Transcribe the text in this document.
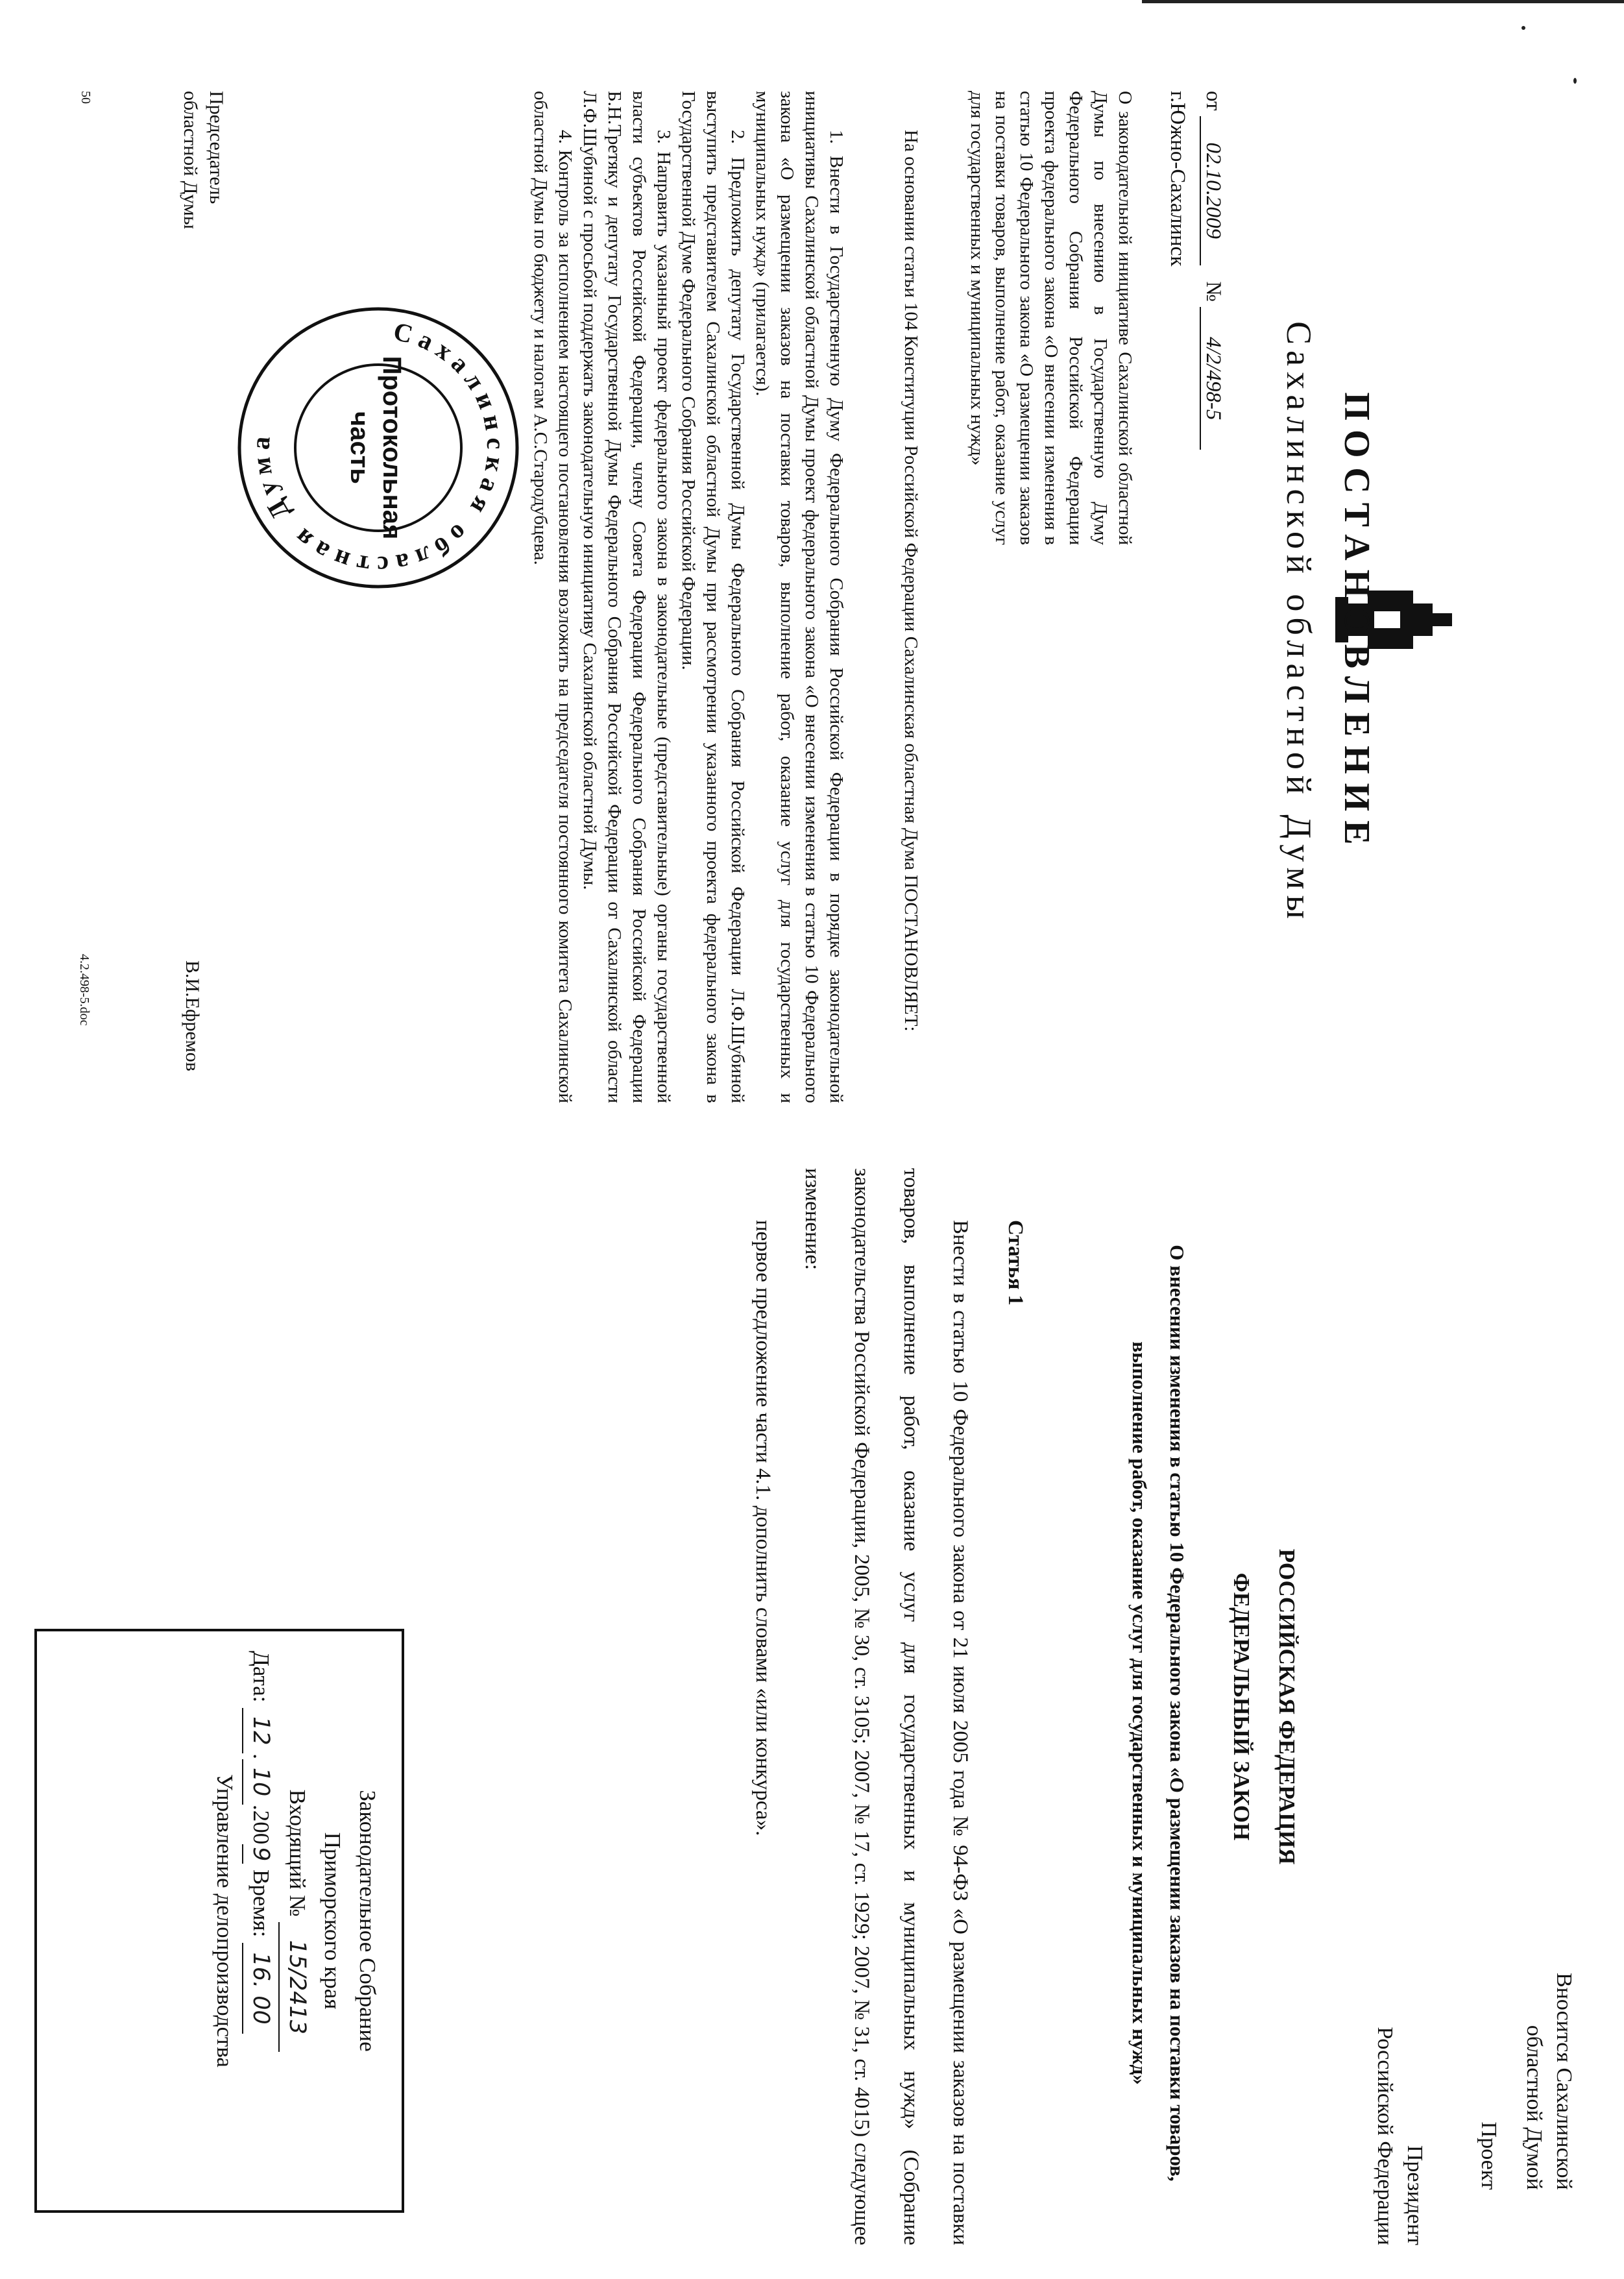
ПОСТАНОВЛЕНИЕ
Сахалинской областной Думы
от 02.10.2009   № 4/2/498-5
г.Южно-Сахалинск
О законодательной инициативе Сахалинской областной Думы по внесению в Государственную Думу Федерального Собрания Российской Федерации проекта федерального закона «О внесении изменения в статью 10 Федерального закона «О размещении заказов на поставки товаров, выполнение работ, оказание услуг для государственных и муниципальных нужд»

На основании статьи 104 Конституции Российской Федерации Сахалинская областная Дума ПОСТАНОВЛЯЕТ:

1. Внести в Государственную Думу Федерального Собрания Российской Федерации в порядке законодательной инициативы Сахалинской областной Думы проект федерального закона «О внесении изменения в статью 10 Федерального закона «О размещении заказов на поставки товаров, выполнение работ, оказание услуг для государственных и муниципальных нужд» (прилагается).

2. Предложить депутату Государственной Думы Федерального Собрания Российской Федерации Л.Ф.Шубиной выступить представителем Сахалинской областной Думы при рассмотрении указанного проекта федерального закона в Государственной Думе Федерального Собрания Российской Федерации.

3. Направить указанный проект федерального закона в законодательные (представительные) органы государственной власти субъектов Российской Федерации, члену Совета Федерации Федерального Собрания Российской Федерации Б.Н.Третяку и депутату Государственной Думы Федерального Собрания Российской Федерации от Сахалинской области Л.Ф.Шубиной с просьбой поддержать законодательную инициативу Сахалинской областной Думы.

4. Контроль за исполнением настоящего постановления возложить на председателя постоянного комитета Сахалинской областной Думы по бюджету и налогам А.С.Стародубцева.

Председатель
областной Думы
В.И.Ефремов
50
4.2.498-5.doc
Сахалинская областная Дума	Протокольная
часть
Вносится Сахалинской
областной Думой
Проект
Президент
Российской Федерации
РОССИЙСКАЯ ФЕДЕРАЦИЯ
ФЕДЕРАЛЬНЫЙ ЗАКОН
О внесении изменения в статью 10 Федерального закона «О размещении заказов на поставки товаров, выполнение работ, оказание услуг для государственных и муниципальных нужд»
Статья 1

Внести в статью 10 Федерального закона от 21 июля 2005 года № 94-ФЗ «О размещении заказов на поставки товаров, выполнение работ, оказание услуг для государственных и муниципальных нужд» (Собрание законодательства Российской Федерации, 2005, № 30, ст. 3105; 2007, № 17, ст. 1929; 2007, № 31, ст. 4015) следующее изменение:

первое предложение части 4.1. дополнить словами «или конкурса».

Законодательное Собрание
Приморского края
Входящий № 15/2413
Дата: 12.10.2009 Время: 16. 00
Управление делопроизводства
